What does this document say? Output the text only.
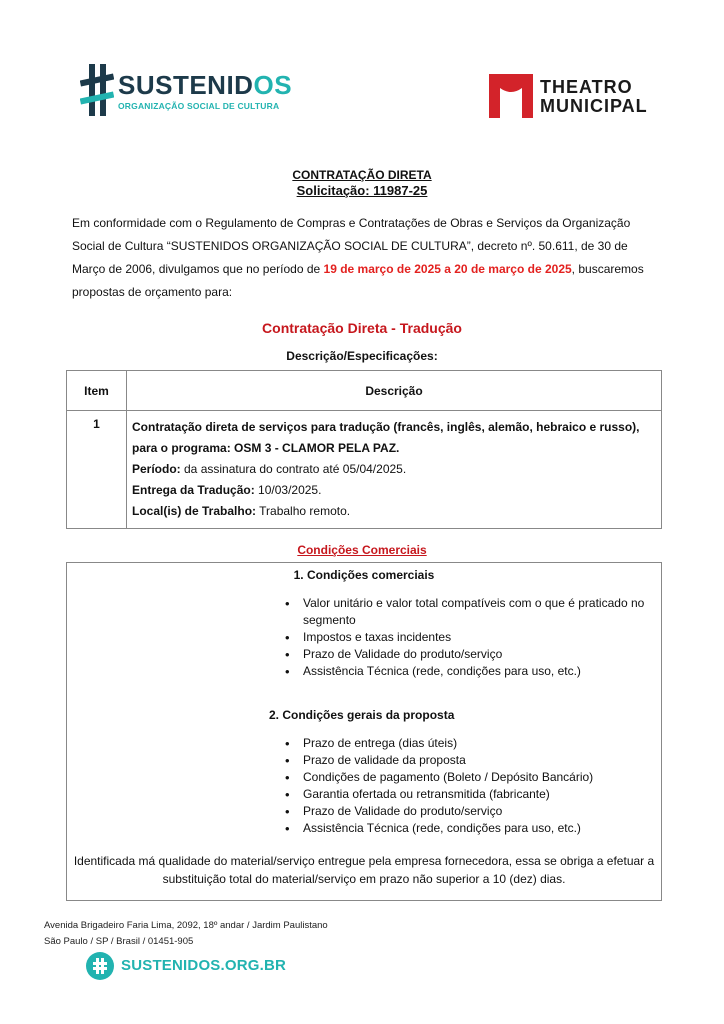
SUSTENIDOS
ORGANIZAÇÃO SOCIAL DE CULTURA
THEATRO
MUNICIPAL
CONTRATAÇÃO DIRETA
Solicitação: 11987-25
Em conformidade com o Regulamento de Compras e Contratações de Obras e Serviços da Organização Social de Cultura “SUSTENIDOS ORGANIZAÇÃO SOCIAL DE CULTURA”, decreto nº. 50.611, de 30 de Março de 2006, divulgamos que no período de 19 de março de 2025 a 20 de março de 2025, buscaremos propostas de orçamento para:
Contratação Direta - Tradução
Descrição/Especificações:
Item	Descrição
1	Contratação direta de serviços para tradução (francês, inglês, alemão, hebraico e russo), para o programa: OSM 3 - CLAMOR PELA PAZ.
Período: da assinatura do contrato até 05/04/2025.
Entrega da Tradução: 10/03/2025.
Local(is) de Trabalho: Trabalho remoto.
Condições Comerciais
1. Condições comerciais
• Valor unitário e valor total compatíveis com o que é praticado no segmento
• Impostos e taxas incidentes
• Prazo de Validade do produto/serviço
• Assistência Técnica (rede, condições para uso, etc.)
2. Condições gerais da proposta
• Prazo de entrega (dias úteis)
• Prazo de validade da proposta
• Condições de pagamento (Boleto / Depósito Bancário)
• Garantia ofertada ou retransmitida (fabricante)
• Prazo de Validade do produto/serviço
• Assistência Técnica (rede, condições para uso, etc.)
Identificada má qualidade do material/serviço entregue pela empresa fornecedora, essa se obriga a efetuar a substituição total do material/serviço em prazo não superior a 10 (dez) dias.
Avenida Brigadeiro Faria Lima, 2092, 18º andar / Jardim Paulistano
São Paulo / SP / Brasil / 01451-905
SUSTENIDOS.ORG.BR
